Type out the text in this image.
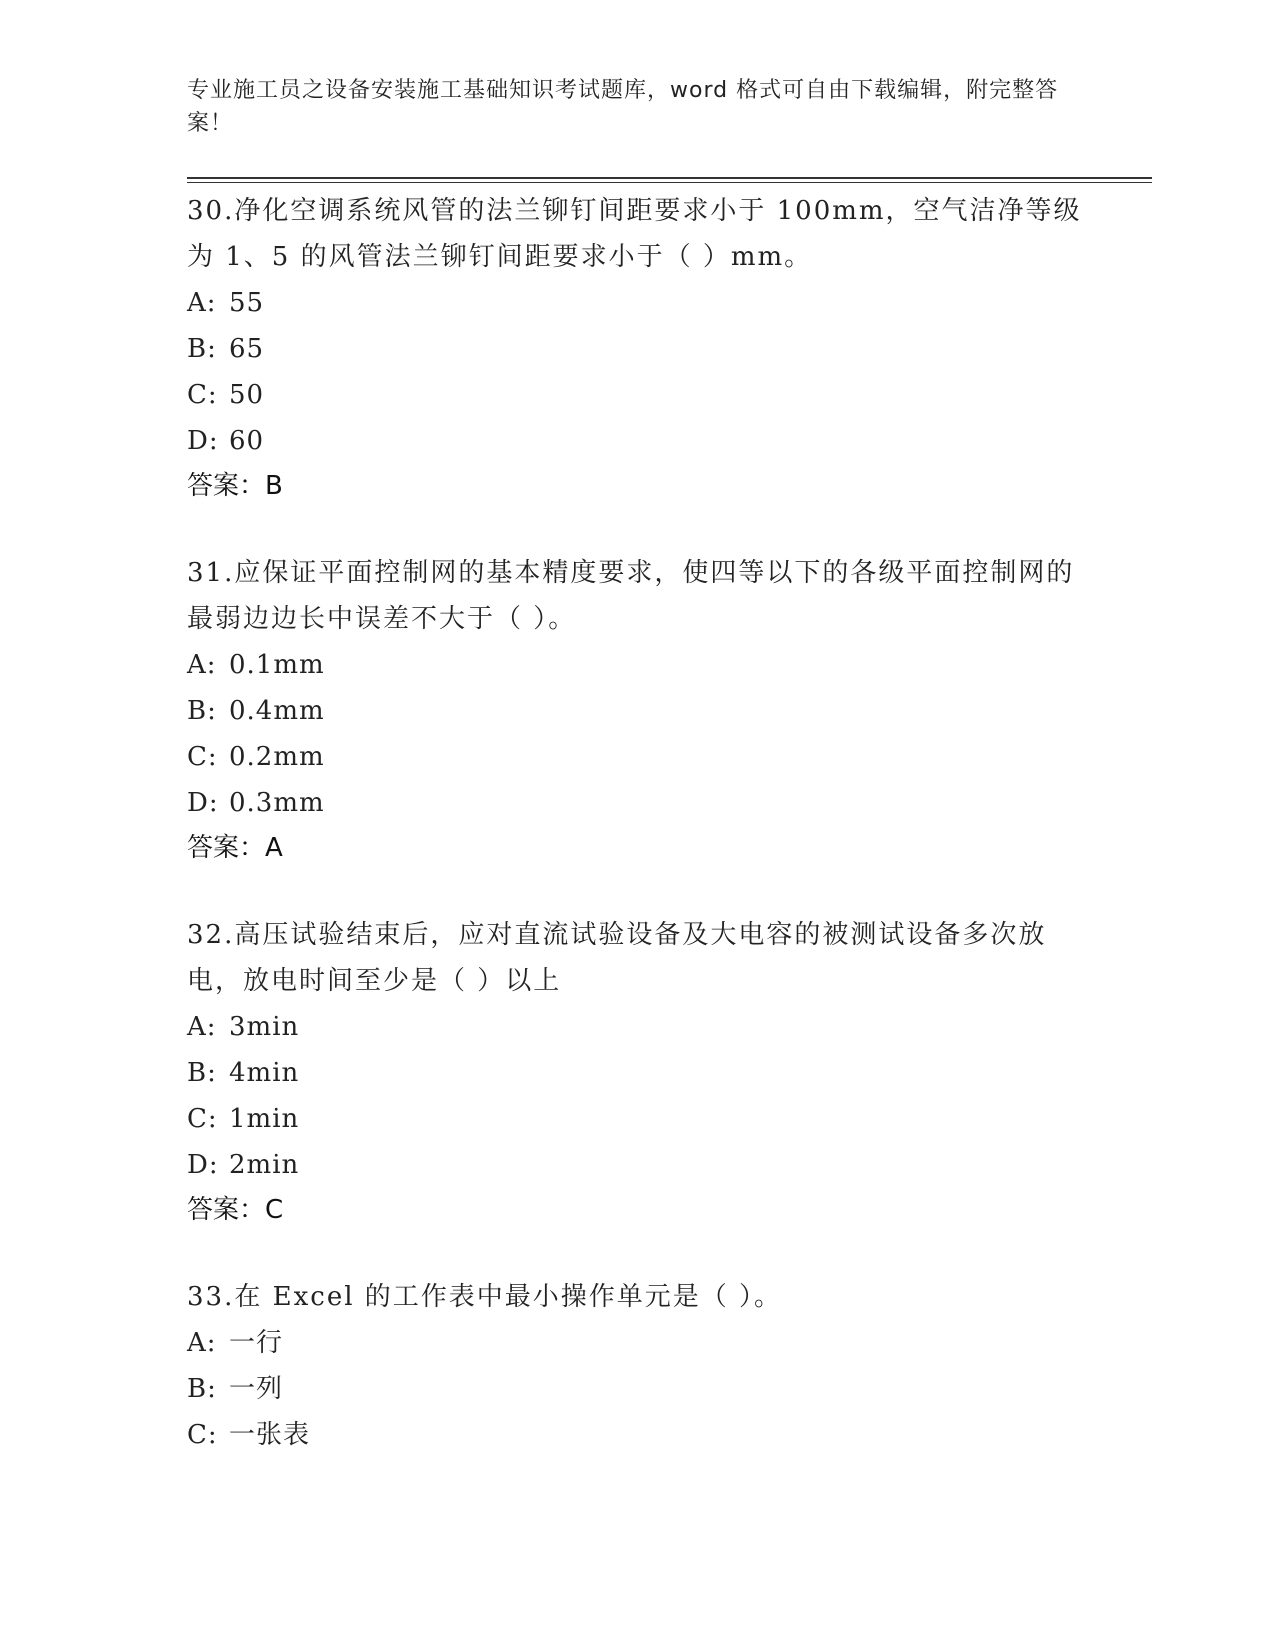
专业施工员之设备安装施工基础知识考试题库，word 格式可自由下载编辑，附完整答案！
30.净化空调系统风管的法兰铆钉间距要求小于 100mm，空气洁净等级为 1、5 的风管法兰铆钉间距要求小于（ ）mm。
A: 55
B: 65
C: 50
D: 60
答案：B
31.应保证平面控制网的基本精度要求，使四等以下的各级平面控制网的最弱边边长中误差不大于（ ）。
A: 0.1mm
B: 0.4mm
C: 0.2mm
D: 0.3mm
答案：A
32.高压试验结束后，应对直流试验设备及大电容的被测试设备多次放电，放电时间至少是（ ）以上
A: 3min
B: 4min
C: 1min
D: 2min
答案：C
33.在 Excel 的工作表中最小操作单元是（ ）。
A: 一行
B: 一列
C: 一张表
